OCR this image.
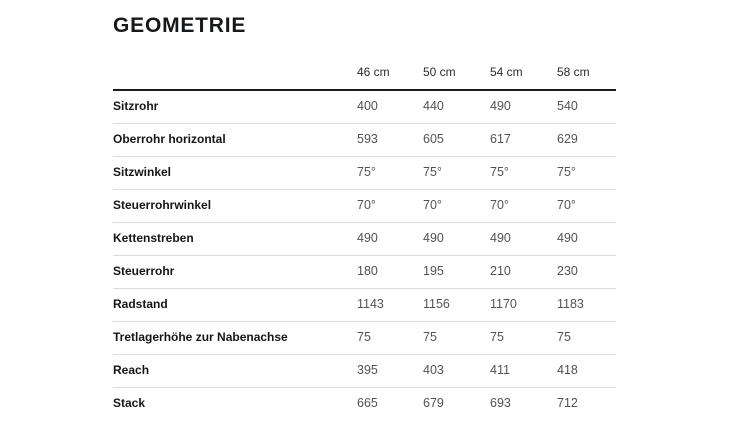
GEOMETRIE
	46 cm	50 cm	54 cm	58 cm
Sitzrohr	400	440	490	540
Oberrohr horizontal	593	605	617	629
Sitzwinkel	75°	75°	75°	75°
Steuerrohrwinkel	70°	70°	70°	70°
Kettenstreben	490	490	490	490
Steuerrohr	180	195	210	230
Radstand	1143	1156	1170	1183
Tretlagerhöhe zur Nabenachse	75	75	75	75
Reach	395	403	411	418
Stack	665	679	693	712
